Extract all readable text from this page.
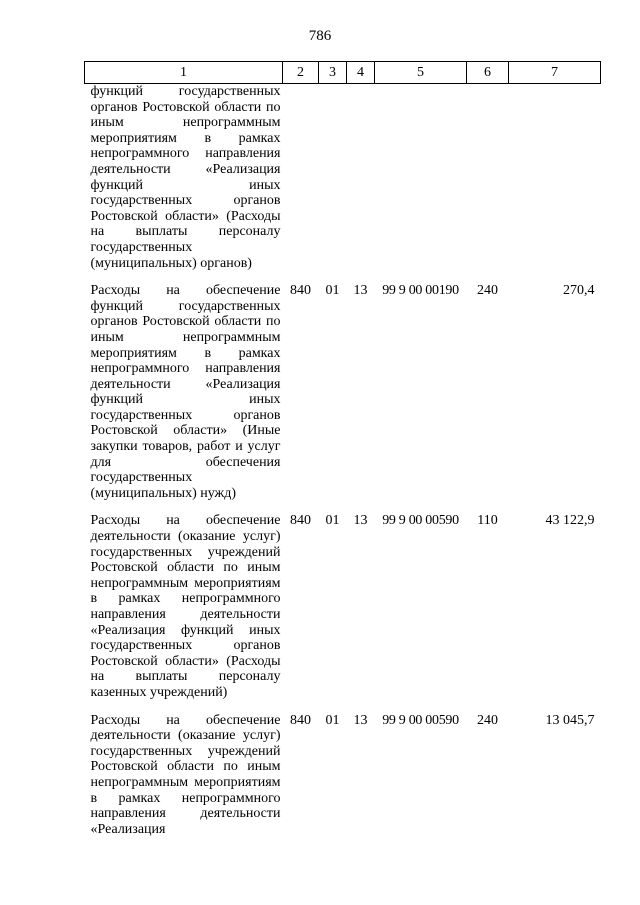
786
1	2	3	4	5	6	7
функций государственных органов Ростовской области по иным непрограммным мероприятиям в рамках непрограммного направления деятельности «Реализация функций иных государственных органов Ростовской области» (Расходы на выплаты персоналу государственных (муниципальных) органов)						
Расходы на обеспечение функций государственных органов Ростовской области по иным непрограммным мероприятиям в рамках непрограммного направления деятельности «Реализация функций иных государственных органов Ростовской области» (Иные закупки товаров, работ и услуг для обеспечения государственных (муниципальных) нужд)	840	01	13	99 9 00 00190	240	270,4
Расходы на обеспечение деятельности (оказание услуг) государственных учреждений Ростовской области по иным непрограммным мероприятиям в рамках непрограммного направления деятельности «Реализация функций иных государственных органов Ростовской области» (Расходы на выплаты персоналу казенных учреждений)	840	01	13	99 9 00 00590	110	43 122,9
Расходы на обеспечение деятельности (оказание услуг) государственных учреждений Ростовской области по иным непрограммным мероприятиям в рамках непрограммного направления деятельности «Реализация	840	01	13	99 9 00 00590	240	13 045,7
